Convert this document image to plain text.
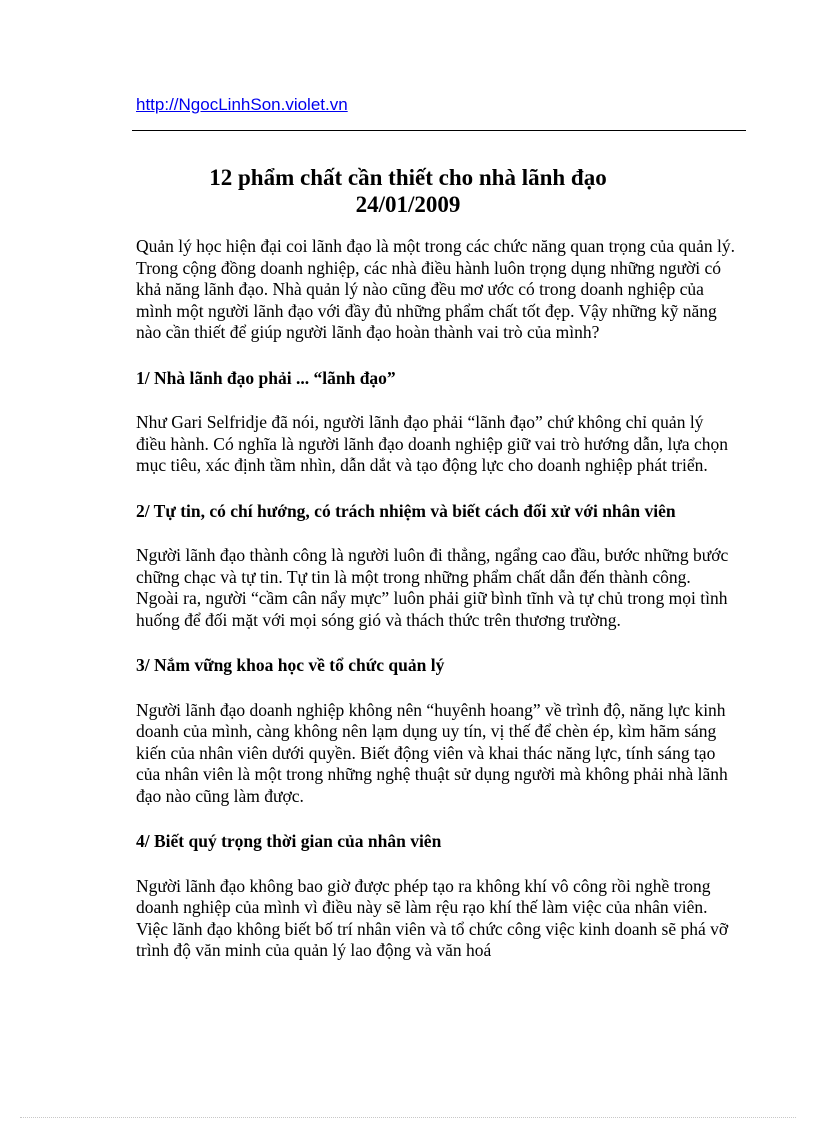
http://NgocLinhSon.violet.vn
12 phẩm chất cần thiết cho nhà lãnh đạo
24/01/2009

Quản lý học hiện đại coi lãnh đạo là một trong các chức năng quan trọng của quản lý. Trong cộng đồng doanh nghiệp, các nhà điều hành luôn trọng dụng những người có khả năng lãnh đạo. Nhà quản lý nào cũng đều mơ ước có trong doanh nghiệp của mình một người lãnh đạo với đầy đủ những phẩm chất tốt đẹp. Vậy những kỹ năng nào cần thiết để giúp người lãnh đạo hoàn thành vai trò của mình?

1/ Nhà lãnh đạo phải ... “lãnh đạo”

Như Gari Selfridje đã nói, người lãnh đạo phải “lãnh đạo” chứ không chỉ quản lý điều hành. Có nghĩa là người lãnh đạo doanh nghiệp giữ vai trò hướng dẫn, lựa chọn mục tiêu, xác định tầm nhìn, dẫn dắt và tạo động lực cho doanh nghiệp phát triển.

2/ Tự tin, có chí hướng, có trách nhiệm và biết cách đối xử với nhân viên

Người lãnh đạo thành công là người luôn đi thẳng, ngẩng cao đầu, bước những bước chững chạc và tự tin. Tự tin là một trong những phẩm chất dẫn đến thành công. Ngoài ra, người “cầm cân nẩy mực” luôn phải giữ bình tĩnh và tự chủ trong mọi tình huống để đối mặt với mọi sóng gió và thách thức trên thương trường.

3/ Nắm vững khoa học về tổ chức quản lý

Người lãnh đạo doanh nghiệp không nên “huyênh hoang” về trình độ, năng lực kinh doanh của mình, càng không nên lạm dụng uy tín, vị thế để chèn ép, kìm hãm sáng kiến của nhân viên dưới quyền. Biết động viên và khai thác năng lực, tính sáng tạo của nhân viên là một trong những nghệ thuật sử dụng người mà không phải nhà lãnh đạo nào cũng làm được.

4/ Biết quý trọng thời gian của nhân viên

Người lãnh đạo không bao giờ được phép tạo ra không khí vô công rồi nghề trong doanh nghiệp của mình vì điều này sẽ làm rệu rạo khí thế làm việc của nhân viên. Việc lãnh đạo không biết bố trí nhân viên và tổ chức công việc kinh doanh sẽ phá vỡ trình độ văn minh của quản lý lao động và văn hoá
